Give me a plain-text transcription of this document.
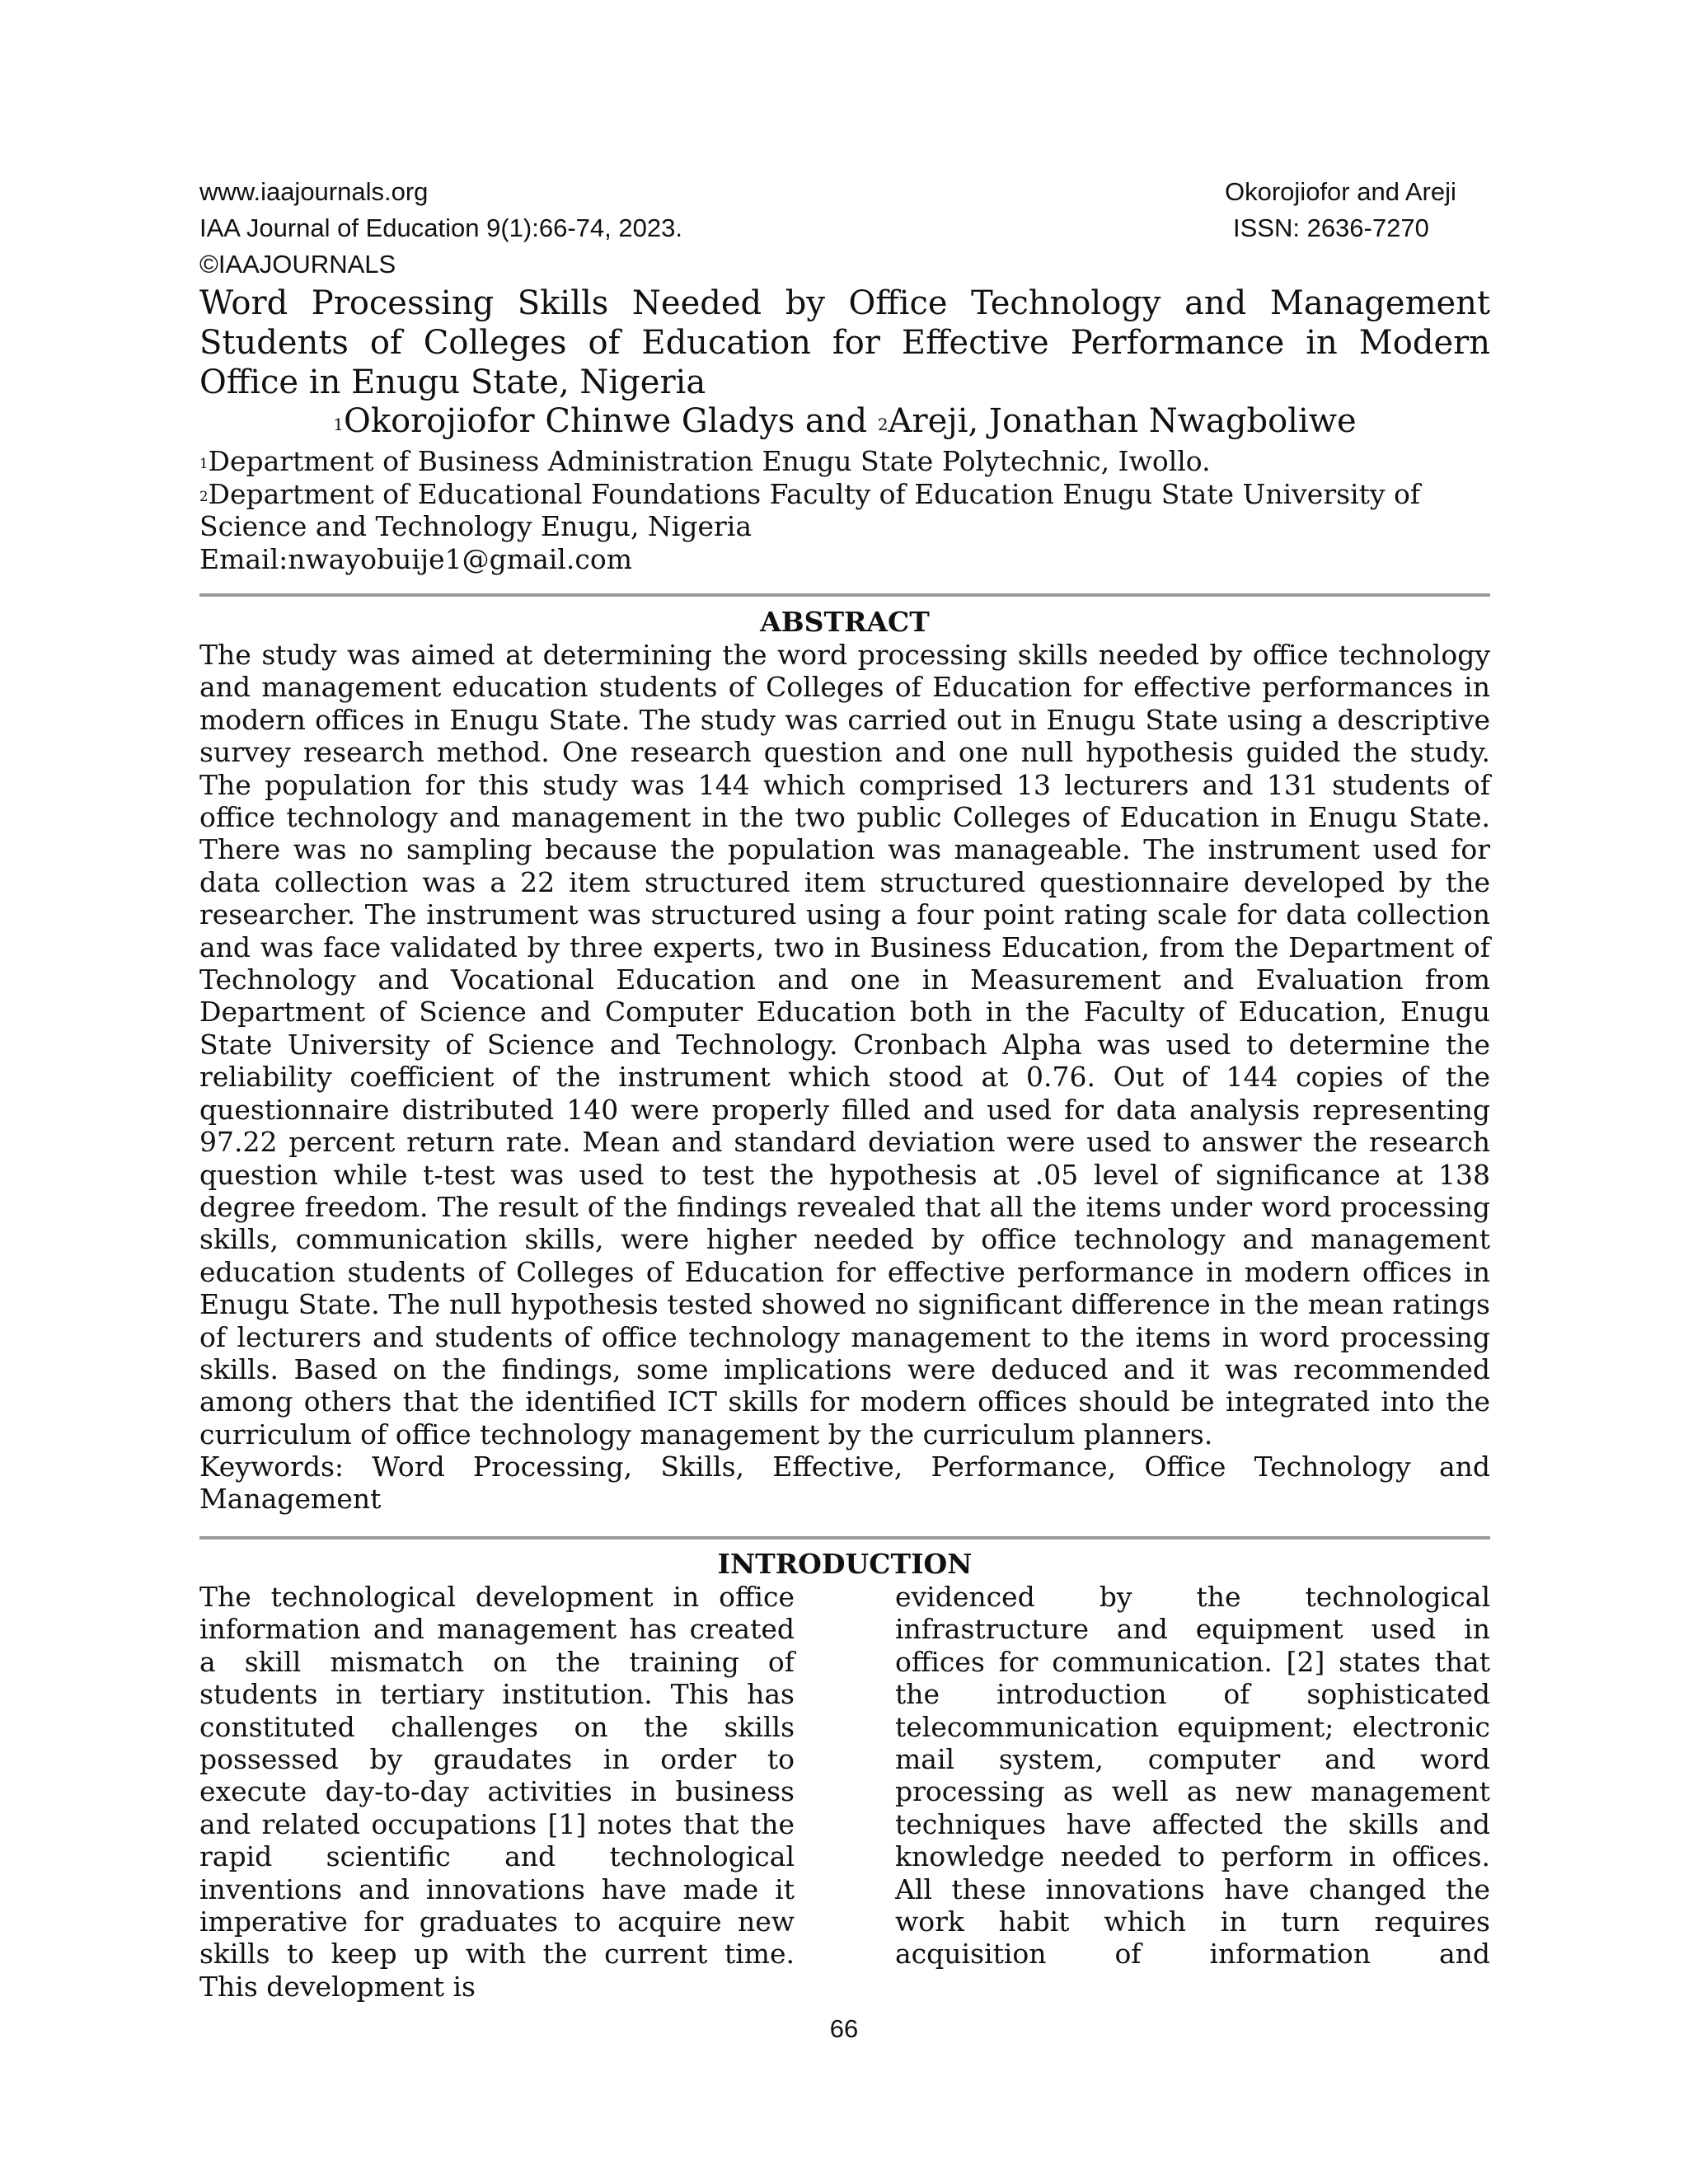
www.iaajournals.org	Okorojiofor and Areji
IAA Journal of Education 9(1):66-74, 2023.	ISSN: 2636-7270
©IAAJOURNALS
Word Processing Skills Needed by Office Technology and Management Students of Colleges of Education for Effective Performance in Modern Office in Enugu State, Nigeria
$^1$Okorojiofor Chinwe Gladys and $^2$Areji, Jonathan Nwagboliwe

$^1$Department of Business Administration Enugu State Polytechnic, Iwollo.

$^2$Department of Educational Foundations Faculty of Education Enugu State University of Science and Technology Enugu, Nigeria

Email:nwayobuije1@gmail.com

ABSTRACT

The study was aimed at determining the word processing skills needed by office technology and management education students of Colleges of Education for effective performances in modern offices in Enugu State. The study was carried out in Enugu State using a descriptive survey research method. One research question and one null hypothesis guided the study. The population for this study was 144 which comprised 13 lecturers and 131 students of office technology and management in the two public Colleges of Education in Enugu State. There was no sampling because the population was manageable. The instrument used for data collection was a 22 item structured item structured questionnaire developed by the researcher. The instrument was structured using a four point rating scale for data collection and was face validated by three experts, two in Business Education, from the Department of Technology and Vocational Education and one in Measurement and Evaluation from Department of Science and Computer Education both in the Faculty of Education, Enugu State University of Science and Technology. Cronbach Alpha was used to determine the reliability coefficient of the instrument which stood at 0.76. Out of 144 copies of the questionnaire distributed 140 were properly filled and used for data analysis representing 97.22 percent return rate. Mean and standard deviation were used to answer the research question while t-test was used to test the hypothesis at .05 level of significance at 138 degree freedom. The result of the findings revealed that all the items under word processing skills, communication skills, were higher needed by office technology and management education students of Colleges of Education for effective performance in modern offices in Enugu State. The null hypothesis tested showed no significant difference in the mean ratings of lecturers and students of office technology management to the items in word processing skills. Based on the findings, some implications were deduced and it was recommended among others that the identified ICT skills for modern offices should be integrated into the curriculum of office technology management by the curriculum planners.

Keywords: Word Processing, Skills, Effective, Performance, Office Technology and
Management
INTRODUCTION

The technological development in office information and management has created a skill mismatch on the training of students in tertiary institution. This has constituted challenges on the skills possessed by graudates in order to execute day-to-day activities in business and related occupations [1] notes that the rapid scientific and technological inventions and innovations have made it imperative for graduates to acquire new skills to keep up with the current time. This development is

evidenced by the technological infrastructure and equipment used in offices for communication. [2] states that the introduction of sophisticated telecommunication equipment; electronic mail system, computer and word processing as well as new management techniques have affected the skills and knowledge needed to perform in offices. All these innovations have changed the work habit which in turn requires acquisition of information and

66
